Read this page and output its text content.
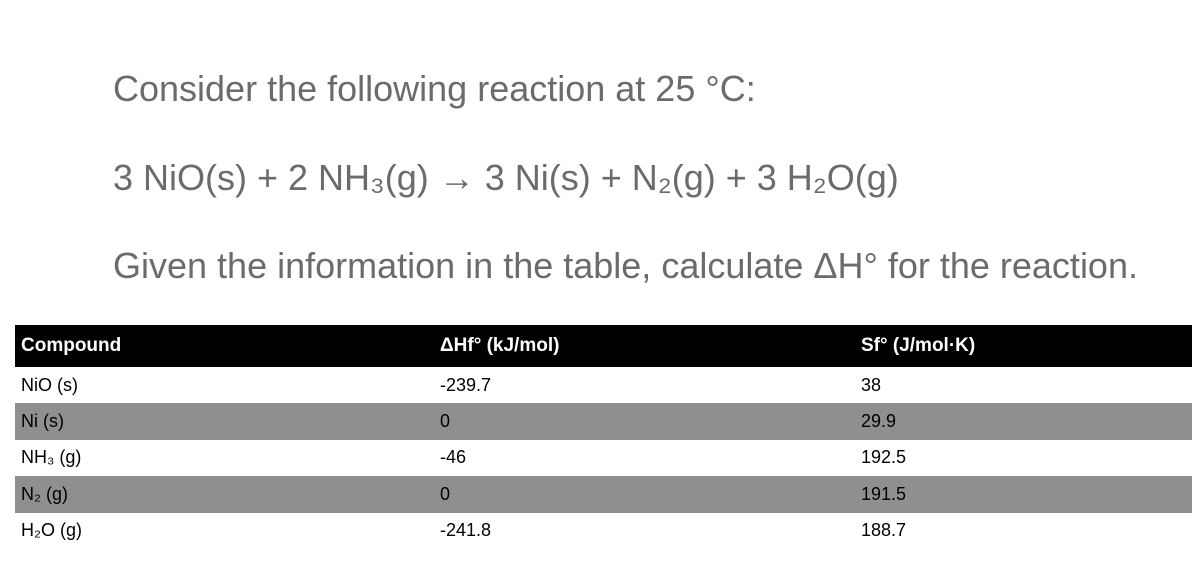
Consider the following reaction at 25 °C:

3 NiO(s) + 2 NH₃(g) → 3 Ni(s) + N₂(g) + 3 H₂O(g)

Given the information in the table, calculate ΔH° for the reaction.

Compound	ΔHf° (kJ/mol)	Sf° (J/mol·K)
NiO (s)	-239.7	38
Ni (s)	0	29.9
NH₃ (g)	-46	192.5
N₂ (g)	0	191.5
H₂O (g)	-241.8	188.7
